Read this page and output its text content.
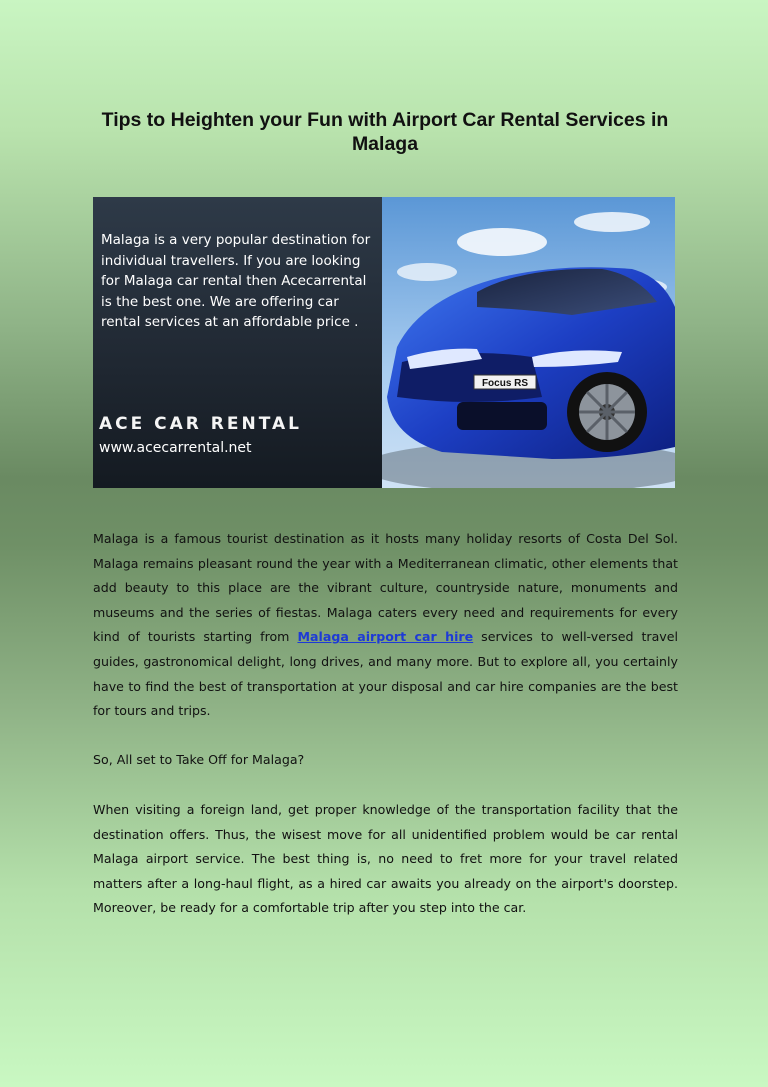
Tips to Heighten your Fun with Airport Car Rental Services in Malaga
Malaga is a very popular destination for individual travellers. If you are looking for Malaga car rental then Acecarrental is the best one. We are offering car rental services at an affordable price .
ACE CAR RENTAL
www.acecarrental.net
Focus RS
Malaga is a famous tourist destination as it hosts many holiday resorts of Costa Del Sol. Malaga remains pleasant round the year with a Mediterranean climatic, other elements that add beauty to this place are the vibrant culture, countryside nature, monuments and museums and the series of fiestas. Malaga caters every need and requirements for every kind of tourists starting from Malaga airport car hire services to well-versed travel guides, gastronomical delight, long drives, and many more. But to explore all, you certainly have to find the best of transportation at your disposal and car hire companies are the best for tours and trips.
So, All set to Take Off for Malaga?
When visiting a foreign land, get proper knowledge of the transportation facility that the destination offers. Thus, the wisest move for all unidentified problem would be car rental Malaga airport service. The best thing is, no need to fret more for your travel related matters after a long-haul flight, as a hired car awaits you already on the airport's doorstep. Moreover, be ready for a comfortable trip after you step into the car.
